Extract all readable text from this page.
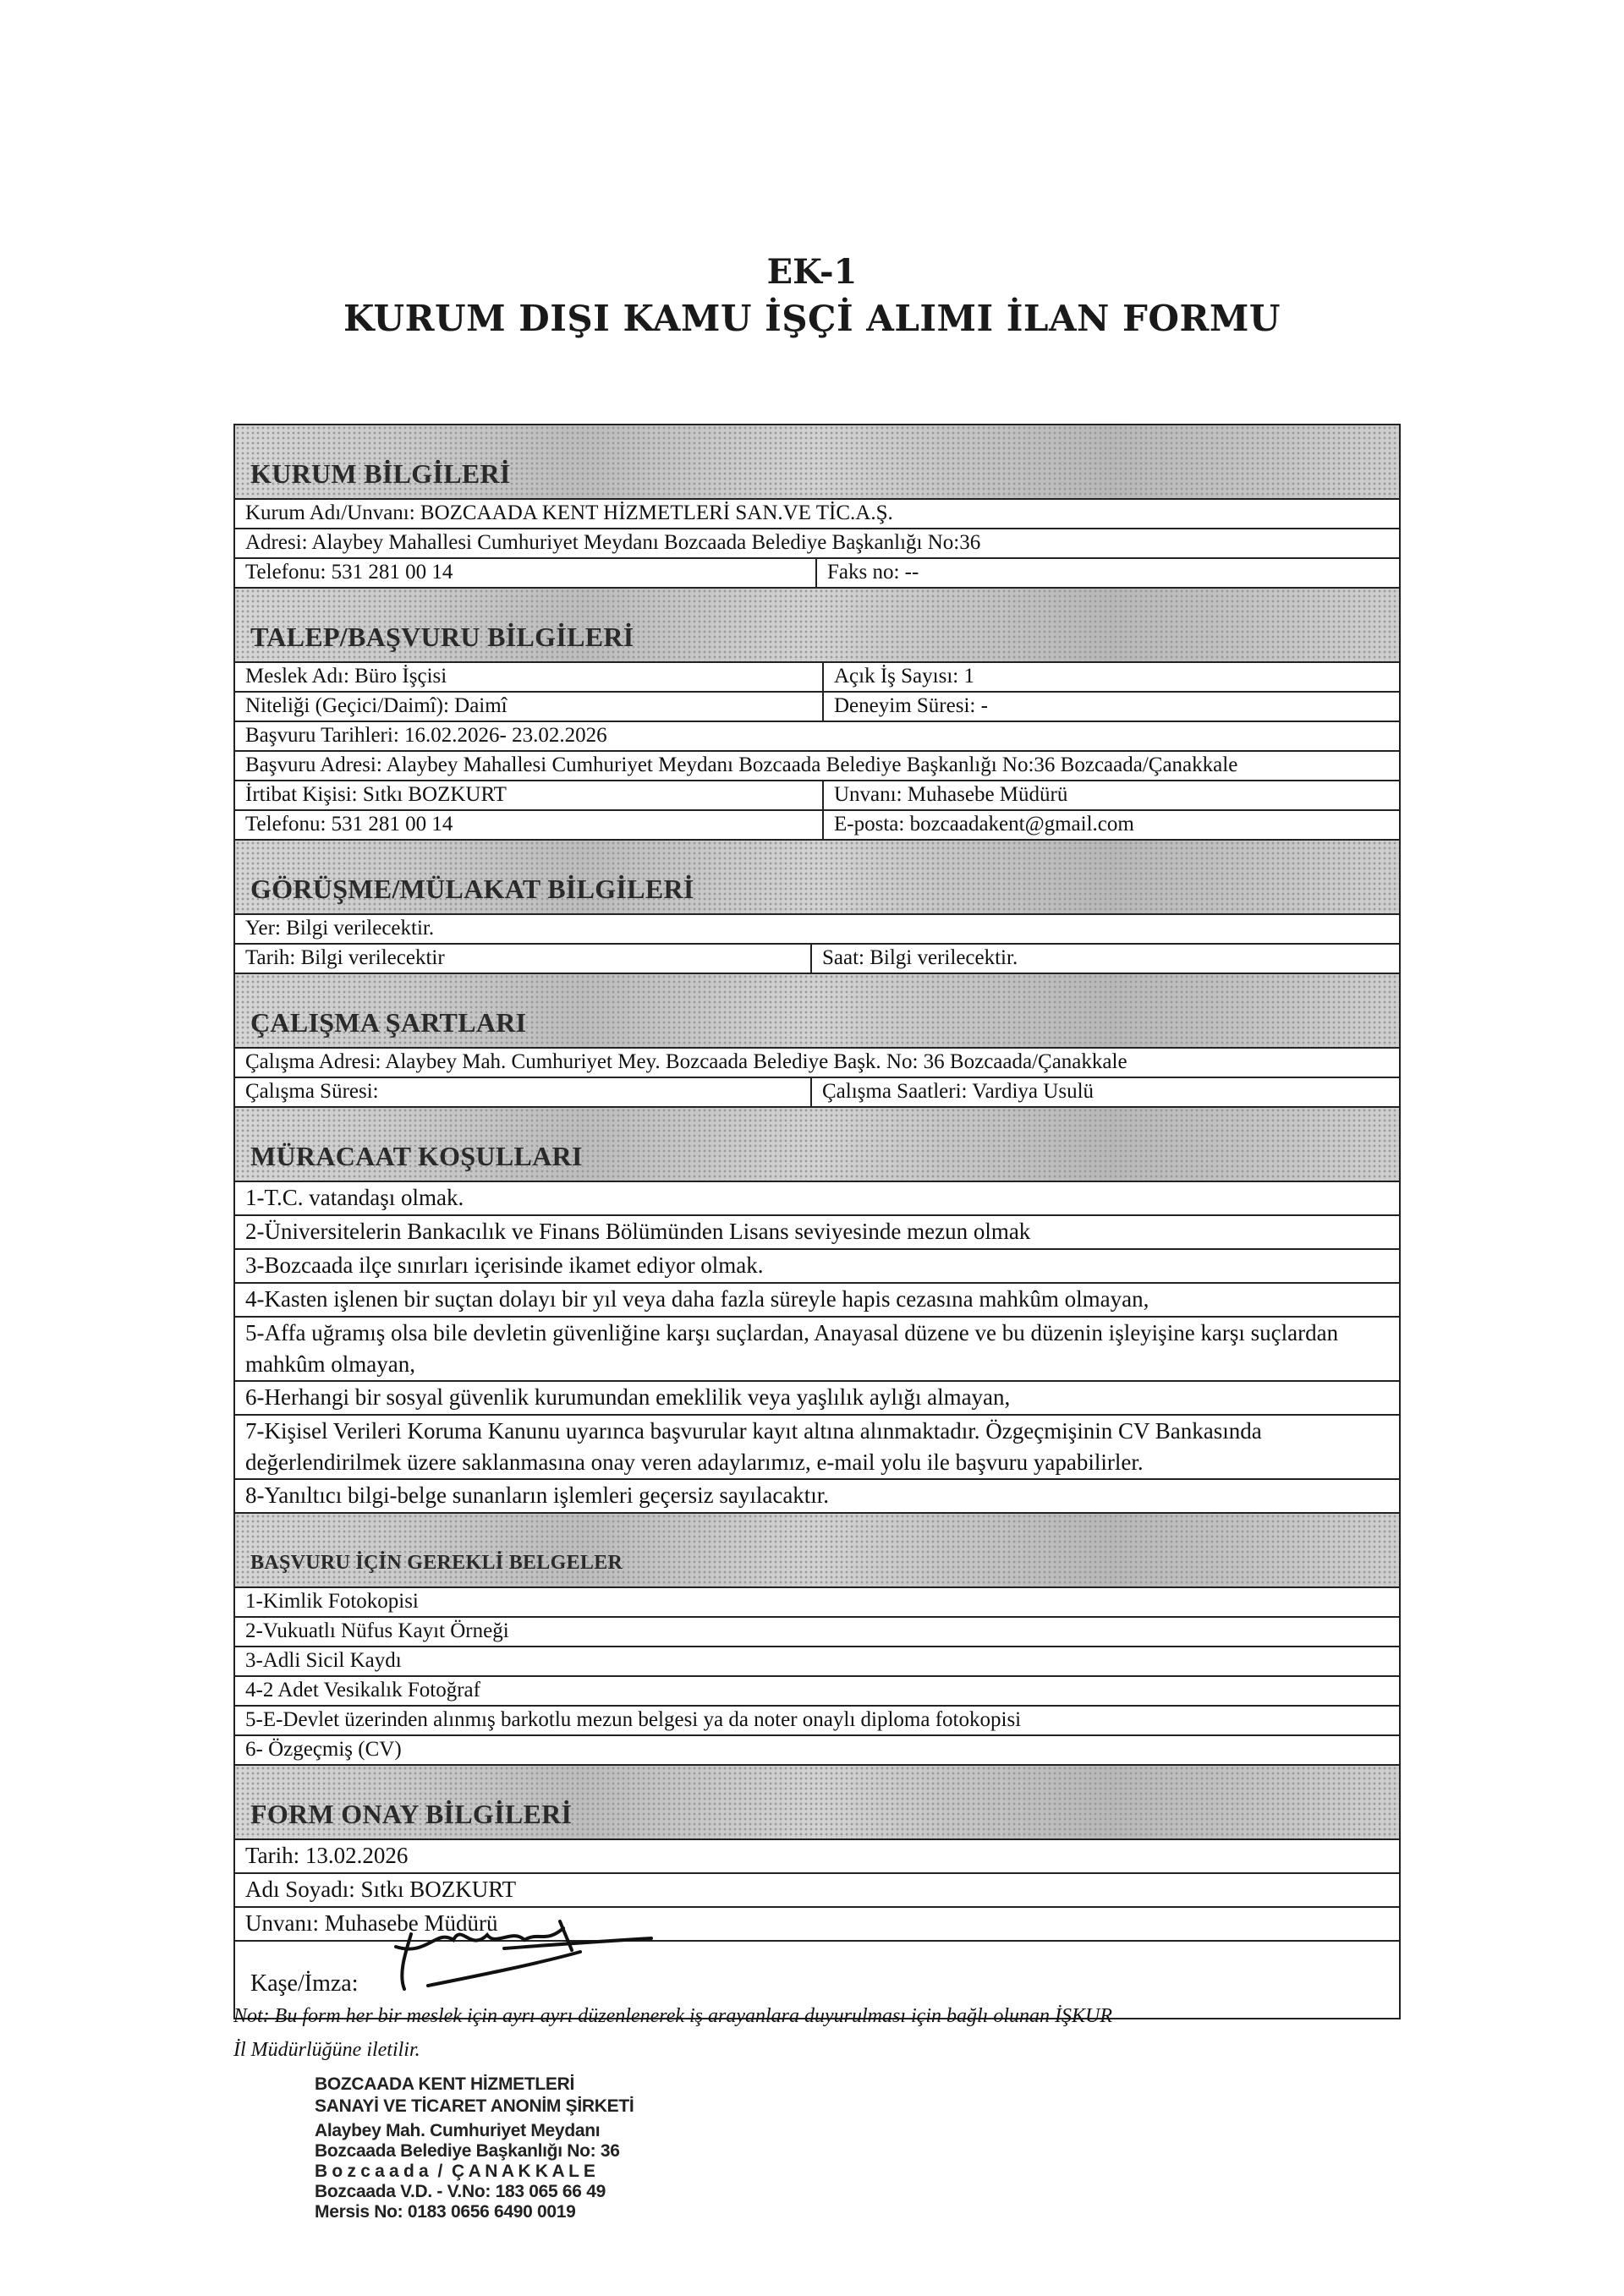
EK-1
KURUM DIŞI KAMU İŞÇİ ALIMI İLAN FORMU
KURUM BİLGİLERİ
Kurum Adı/Unvanı: BOZCAADA KENT HİZMETLERİ SAN.VE TİC.A.Ş.
Adresi: Alaybey Mahallesi Cumhuriyet Meydanı Bozcaada Belediye Başkanlığı No:36
Telefonu: 531 281 00 14	Faks no: --
TALEP/BAŞVURU BİLGİLERİ
Meslek Adı: Büro İşçisi	Açık İş Sayısı: 1
Niteliği (Geçici/Daimî): Daimî	Deneyim Süresi: -
Başvuru Tarihleri: 16.02.2026- 23.02.2026
Başvuru Adresi: Alaybey Mahallesi Cumhuriyet Meydanı Bozcaada Belediye Başkanlığı No:36 Bozcaada/Çanakkale
İrtibat Kişisi: Sıtkı BOZKURT	Unvanı: Muhasebe Müdürü
Telefonu: 531 281 00 14	E-posta: bozcaadakent@gmail.com
GÖRÜŞME/MÜLAKAT BİLGİLERİ
Yer: Bilgi verilecektir.
Tarih: Bilgi verilecektir	Saat: Bilgi verilecektir.
ÇALIŞMA ŞARTLARI
Çalışma Adresi: Alaybey Mah. Cumhuriyet Mey. Bozcaada Belediye Başk. No: 36 Bozcaada/Çanakkale
Çalışma Süresi:	Çalışma Saatleri: Vardiya Usulü
MÜRACAAT KOŞULLARI
1-T.C. vatandaşı olmak.
2-Üniversitelerin Bankacılık ve Finans Bölümünden Lisans seviyesinde mezun olmak
3-Bozcaada ilçe sınırları içerisinde ikamet ediyor olmak.
4-Kasten işlenen bir suçtan dolayı bir yıl veya daha fazla süreyle hapis cezasına mahkûm olmayan,
5-Affa uğramış olsa bile devletin güvenliğine karşı suçlardan, Anayasal düzene ve bu düzenin işleyişine karşı suçlardan mahkûm olmayan,
6-Herhangi bir sosyal güvenlik kurumundan emeklilik veya yaşlılık aylığı almayan,
7-Kişisel Verileri Koruma Kanunu uyarınca başvurular kayıt altına alınmaktadır. Özgeçmişinin CV Bankasında değerlendirilmek üzere saklanmasına onay veren adaylarımız, e-mail yolu ile başvuru yapabilirler.
8-Yanıltıcı bilgi-belge sunanların işlemleri geçersiz sayılacaktır.
BAŞVURU İÇİN GEREKLİ BELGELER
1-Kimlik Fotokopisi
2-Vukuatlı Nüfus Kayıt Örneği
3-Adli Sicil Kaydı
4-2 Adet Vesikalık Fotoğraf
5-E-Devlet üzerinden alınmış barkotlu mezun belgesi ya da noter onaylı diploma fotokopisi
6- Özgeçmiş (CV)
FORM ONAY BİLGİLERİ
Tarih: 13.02.2026
Adı Soyadı: Sıtkı BOZKURT
Unvanı: Muhasebe Müdürü
Kaşe/İmza:
Not: Bu form her bir meslek için ayrı ayrı düzenlenerek iş arayanlara duyurulması için bağlı olunan İŞKUR
İl Müdürlüğüne iletilir.
BOZCAADA KENT HİZMETLERİ
SANAYİ VE TİCARET ANONİM ŞİRKETİ
Alaybey Mah. Cumhuriyet Meydanı
Bozcaada Belediye Başkanlığı No: 36
B o z c a a d a  /  Ç A N A K K A L E
Bozcaada V.D. - V.No: 183 065 66 49
Mersis No: 0183 0656 6490 0019
